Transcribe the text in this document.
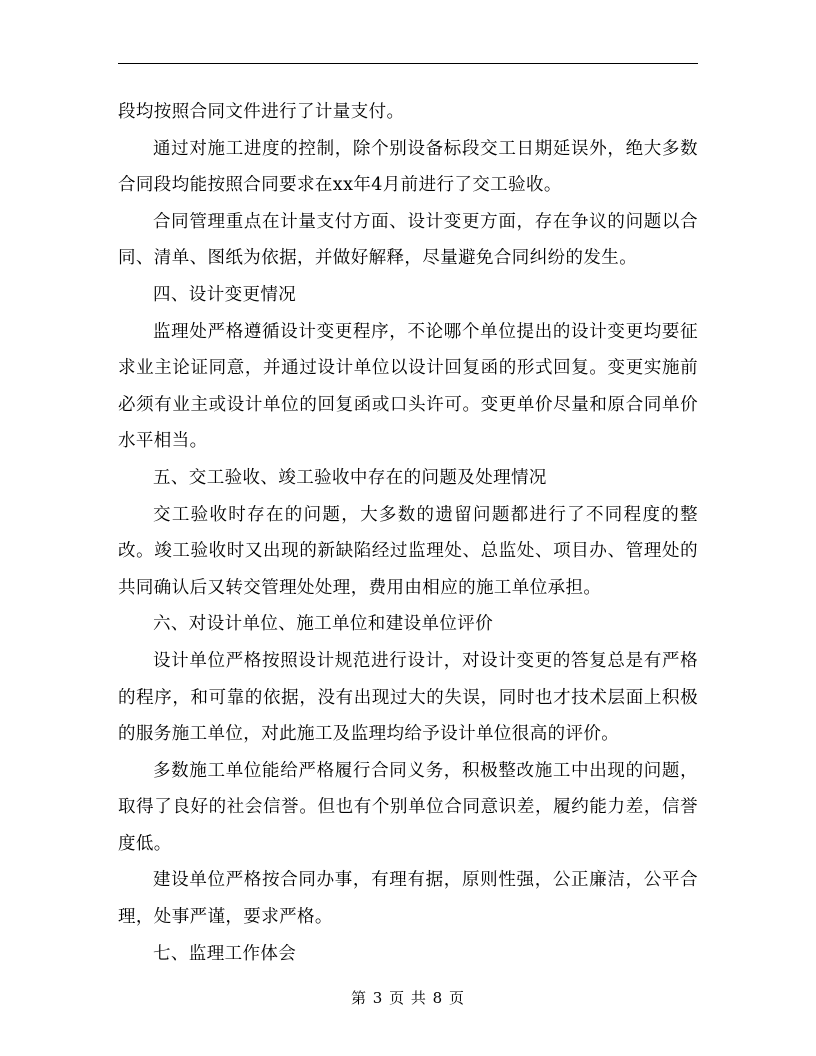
段均按照合同文件进行了计量支付。

通过对施工进度的控制，除个别设备标段交工日期延误外，绝大多数合同段均能按照合同要求在xx年4月前进行了交工验收。

合同管理重点在计量支付方面、设计变更方面，存在争议的问题以合同、清单、图纸为依据，并做好解释，尽量避免合同纠纷的发生。

四、设计变更情况

监理处严格遵循设计变更程序，不论哪个单位提出的设计变更均要征求业主论证同意，并通过设计单位以设计回复函的形式回复。变更实施前必须有业主或设计单位的回复函或口头许可。变更单价尽量和原合同单价水平相当。

五、交工验收、竣工验收中存在的问题及处理情况

交工验收时存在的问题，大多数的遗留问题都进行了不同程度的整改。竣工验收时又出现的新缺陷经过监理处、总监处、项目办、管理处的共同确认后又转交管理处处理，费用由相应的施工单位承担。

六、对设计单位、施工单位和建设单位评价

设计单位严格按照设计规范进行设计，对设计变更的答复总是有严格的程序，和可靠的依据，没有出现过大的失误，同时也才技术层面上积极的服务施工单位，对此施工及监理均给予设计单位很高的评价。

多数施工单位能给严格履行合同义务，积极整改施工中出现的问题，取得了良好的社会信誉。但也有个别单位合同意识差，履约能力差，信誉度低。

建设单位严格按合同办事，有理有据，原则性强，公正廉洁，公平合理，处事严谨，要求严格。

七、监理工作体会

第 3 页 共 8 页
